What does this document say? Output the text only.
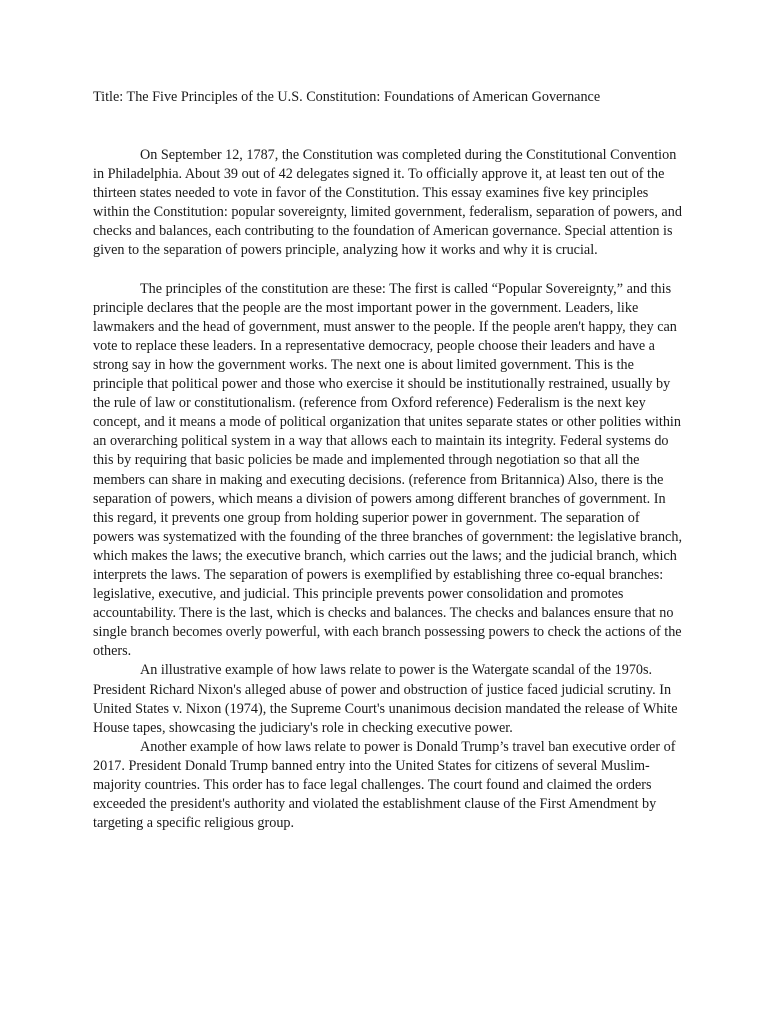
Title: The Five Principles of the U.S. Constitution: Foundations of American Governance

On September 12, 1787, the Constitution was completed during the Constitutional Convention in Philadelphia. About 39 out of 42 delegates signed it. To officially approve it, at least ten out of the thirteen states needed to vote in favor of the Constitution. This essay examines five key principles within the Constitution: popular sovereignty, limited government, federalism, separation of powers, and checks and balances, each contributing to the foundation of American governance. Special attention is given to the separation of powers principle, analyzing how it works and why it is crucial.

The principles of the constitution are these: The first is called “Popular Sovereignty,” and this principle declares that the people are the most important power in the government. Leaders, like lawmakers and the head of government, must answer to the people. If the people aren't happy, they can vote to replace these leaders. In a representative democracy, people choose their leaders and have a strong say in how the government works. The next one is about limited government. This is the principle that political power and those who exercise it should be institutionally restrained, usually by the rule of law or constitutionalism. (reference from Oxford reference) Federalism is the next key concept, and it means a mode of political organization that unites separate states or other polities within an overarching political system in a way that allows each to maintain its integrity. Federal systems do this by requiring that basic policies be made and implemented through negotiation so that all the members can share in making and executing decisions. (reference from Britannica) Also, there is the separation of powers, which means a division of powers among different branches of government. In this regard, it prevents one group from holding superior power in government. The separation of powers was systematized with the founding of the three branches of government: the legislative branch, which makes the laws; the executive branch, which carries out the laws; and the judicial branch, which interprets the laws. The separation of powers is exemplified by establishing three co-equal branches: legislative, executive, and judicial. This principle prevents power consolidation and promotes accountability. There is the last, which is checks and balances. The checks and balances ensure that no single branch becomes overly powerful, with each branch possessing powers to check the actions of the others.

An illustrative example of how laws relate to power is the Watergate scandal of the 1970s. President Richard Nixon's alleged abuse of power and obstruction of justice faced judicial scrutiny. In United States v. Nixon (1974), the Supreme Court's unanimous decision mandated the release of White House tapes, showcasing the judiciary's role in checking executive power.

Another example of how laws relate to power is Donald Trump’s travel ban executive order of 2017. President Donald Trump banned entry into the United States for citizens of several Muslim-majority countries. This order has to face legal challenges. The court found and claimed the orders exceeded the president's authority and violated the establishment clause of the First Amendment by targeting a specific religious group.
